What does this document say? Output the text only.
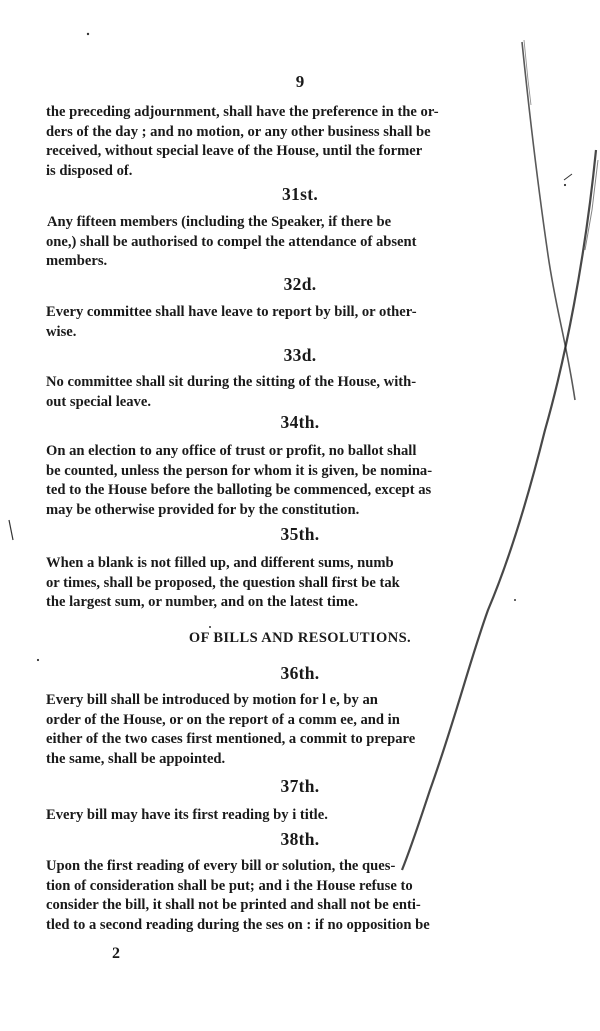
9
the preceding adjournment, shall have the preference in the or-
ders of the day ; and no motion, or any other business shall be
received, without special leave of the House, until the former
is disposed of.
31st.
Any fifteen members (including the Speaker, if there be
one,) shall be authorised to compel the attendance of absent
members.
32d.
Every committee shall have leave to report by bill, or other-
wise.
33d.
No committee shall sit during the sitting of the House, with-
out special leave.
34th.
On an election to any office of trust or profit, no ballot shall
be counted, unless the person for whom it is given, be nomina-
ted to the House before the balloting be commenced, except as
may be otherwise provided for by the constitution.
35th.
When a blank is not filled up, and different sums, numb
or times, shall be proposed, the question shall first be tak
the largest sum, or number, and on the latest time.
OF BILLS AND RESOLUTIONS.
36th.
Every bill shall be introduced by motion for l e, by an
order of the House, or on the report of a comm ee, and in
either of the two cases first mentioned, a commit to prepare
the same, shall be appointed.
37th.
Every bill may have its first reading by i title.
38th.
Upon the first reading of every bill or solution, the ques-
tion of consideration shall be put; and i the House refuse to
consider the bill, it shall not be printed and shall not be enti-
tled to a second reading during the ses on : if no opposition be
2
